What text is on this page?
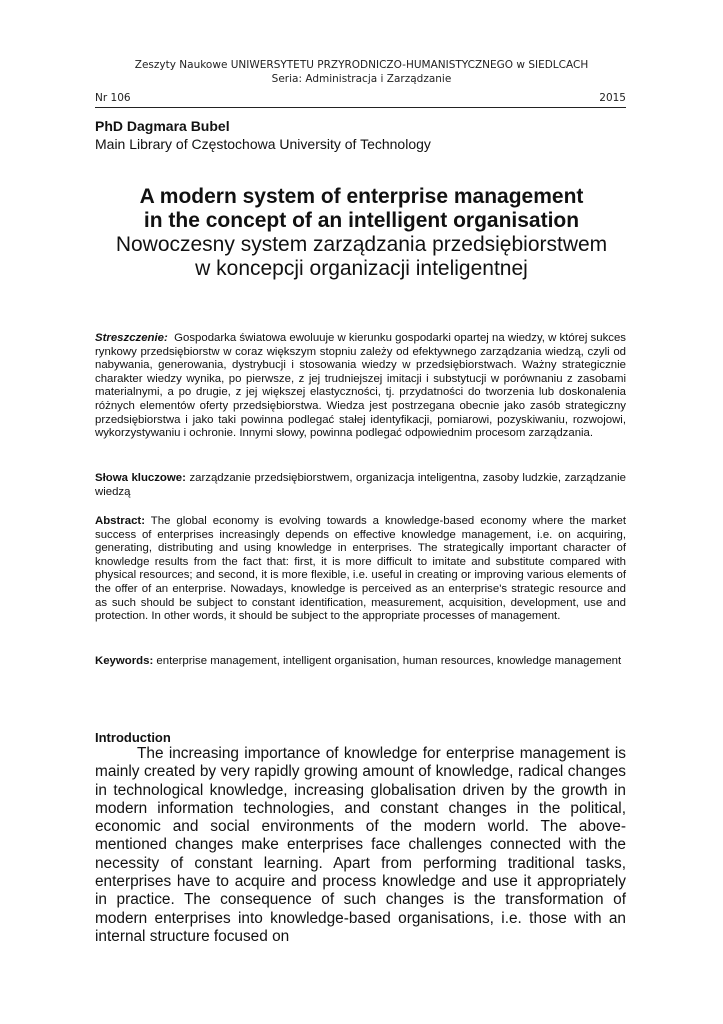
Zeszyty Naukowe UNIWERSYTETU PRZYRODNICZO-HUMANISTYCZNEGO w SIEDLCACH
Seria: Administracja i Zarządzanie
Nr 106	2015
PhD Dagmara Bubel
Main Library of Częstochowa University of Technology
A modern system of enterprise management
in the concept of an intelligent organisation
Nowoczesny system zarządzania przedsiębiorstwem
w koncepcji organizacji inteligentnej
Streszczenie: Gospodarka światowa ewoluuje w kierunku gospodarki opartej na wiedzy, w której sukces rynkowy przedsiębiorstw w coraz większym stopniu zależy od efektywnego zarządzania wiedzą, czyli od nabywania, generowania, dystrybucji i stosowania wiedzy w przedsiębiorstwach. Ważny strategicznie charakter wiedzy wynika, po pierwsze, z jej trudniejszej imitacji i substytucji w porównaniu z zasobami materialnymi, a po drugie, z jej większej elastyczności, tj. przydatności do tworzenia lub doskonalenia różnych elementów oferty przedsiębiorstwa. Wiedza jest postrzegana obecnie jako zasób strategiczny przedsiębiorstwa i jako taki powinna podlegać stałej identyfikacji, pomiarowi, pozyskiwaniu, rozwojowi, wykorzystywaniu i ochronie. Innymi słowy, powinna podlegać odpowiednim procesom zarządzania.
Słowa kluczowe: zarządzanie przedsiębiorstwem, organizacja inteligentna, zasoby ludzkie, zarządzanie wiedzą
Abstract: The global economy is evolving towards a knowledge-based economy where the market success of enterprises increasingly depends on effective knowledge management, i.e. on acquiring, generating, distributing and using knowledge in enterprises. The strategically important character of knowledge results from the fact that: first, it is more difficult to imitate and substitute compared with physical resources; and second, it is more flexible, i.e. useful in creating or improving various elements of the offer of an enterprise. Nowadays, knowledge is perceived as an enterprise's strategic resource and as such should be subject to constant identification, measurement, acquisition, development, use and protection. In other words, it should be subject to the appropriate processes of management.
Keywords: enterprise management, intelligent organisation, human resources, knowledge management
Introduction
The increasing importance of knowledge for enterprise management is mainly created by very rapidly growing amount of knowledge, radical changes in technological knowledge, increasing globalisation driven by the growth in modern information technologies, and constant changes in the political, economic and social environments of the modern world. The above-mentioned changes make enterprises face challenges connected with the necessity of constant learning. Apart from performing traditional tasks, enterprises have to acquire and process knowledge and use it appropriately in practice. The consequence of such changes is the transformation of modern enterprises into knowledge-based organisations, i.e. those with an internal structure focused on
